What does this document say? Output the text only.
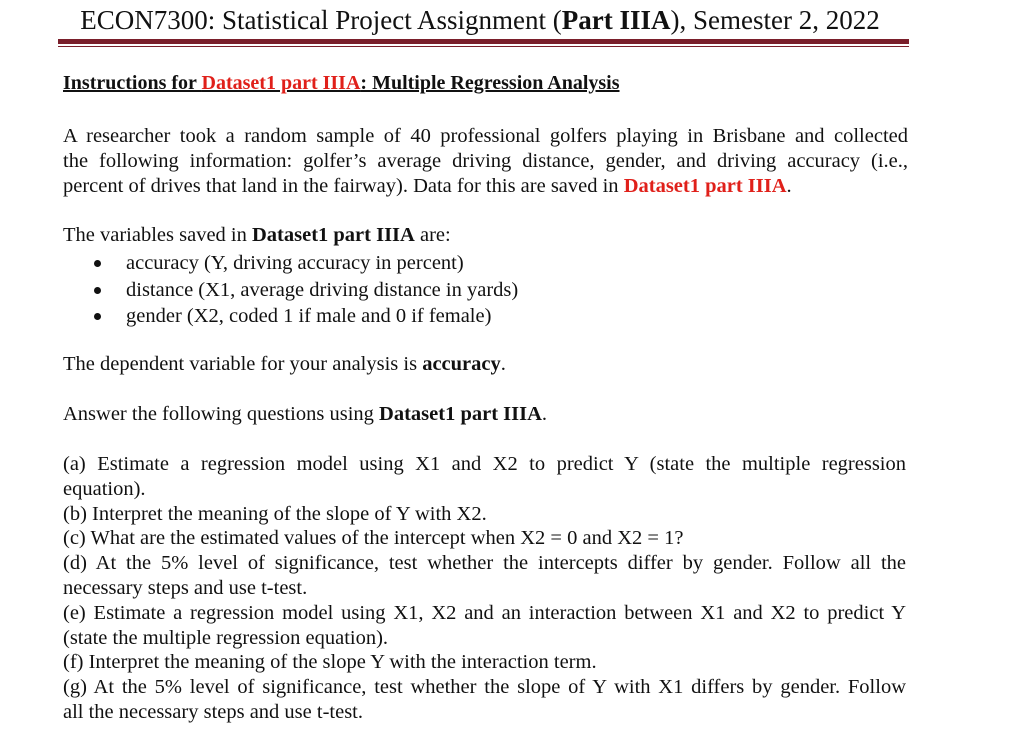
ECON7300: Statistical Project Assignment (Part IIIA), Semester 2, 2022
Instructions for Dataset1 part IIIA: Multiple Regression Analysis
A researcher took a random sample of 40 professional golfers playing in Brisbane and collected
the following information: golfer’s average driving distance, gender, and driving accuracy (i.e.,
percent of drives that land in the fairway). Data for this are saved in Dataset1 part IIIA.
The variables saved in Dataset1 part IIIA are:
accuracy (Y, driving accuracy in percent)
distance (X1, average driving distance in yards)
gender (X2, coded 1 if male and 0 if female)
The dependent variable for your analysis is accuracy.
Answer the following questions using Dataset1 part IIIA.
(a) Estimate a regression model using X1 and X2 to predict Y (state the multiple regression
equation).
(b) Interpret the meaning of the slope of Y with X2.
(c) What are the estimated values of the intercept when X2 = 0 and X2 = 1?
(d) At the 5% level of significance, test whether the intercepts differ by gender. Follow all the
necessary steps and use t-test.
(e) Estimate a regression model using X1, X2 and an interaction between X1 and X2 to predict Y
(state the multiple regression equation).
(f) Interpret the meaning of the slope Y with the interaction term.
(g) At the 5% level of significance, test whether the slope of Y with X1 differs by gender. Follow
all the necessary steps and use t-test.
